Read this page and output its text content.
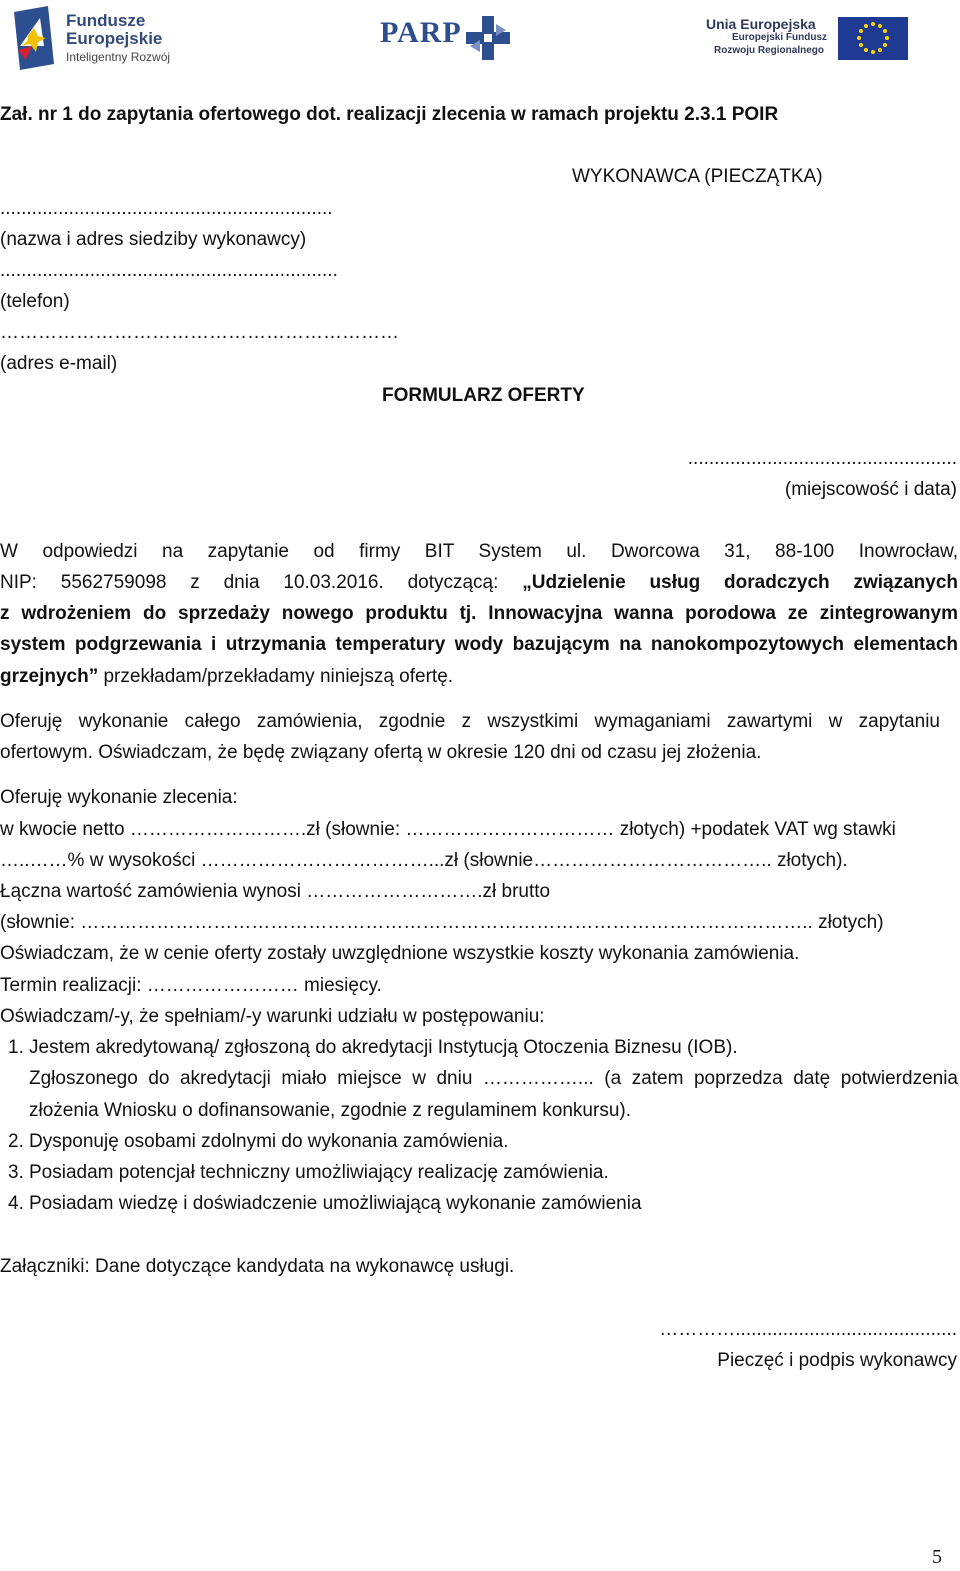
Fundusze
Europejskie
Inteligentny Rozwój
PARP	Unia Europejska
Europejski Fundusz
Rozwoju Regionalnego
Zał. nr 1 do zapytania ofertowego dot. realizacji zlecenia w ramach projektu 2.3.1 POIR
WYKONAWCA (PIECZĄTKA)
...............................................................
(nazwa i adres siedziby wykonawcy)
................................................................
(telefon)
………………………………………………………
(adres e-mail)
FORMULARZ OFERTY
...................................................
(miejscowość i data)
W odpowiedzi na zapytanie od firmy BIT System ul. Dworcowa 31, 88-100 Inowrocław,
NIP: 5562759098 z dnia 10.03.2016. dotyczącą: „Udzielenie usług doradczych związanych
z wdrożeniem do sprzedaży nowego produktu tj. Innowacyjna wanna porodowa ze zintegrowanym
system podgrzewania i utrzymania temperatury wody bazującym na nanokompozytowych elementach
grzejnych” przekładam/przekładamy niniejszą ofertę.
Oferuję wykonanie całego zamówienia, zgodnie z wszystkimi wymaganiami zawartymi w zapytaniu
ofertowym. Oświadczam, że będę związany ofertą w okresie 120 dni od czasu jej złożenia.
Oferuję wykonanie zlecenia:
w kwocie netto ……………………….zł (słownie: …………………………… złotych) +podatek VAT wg stawki
…..……% w wysokości ………………………………...zł (słownie……………………………….. złotych).
Łączna wartość zamówienia wynosi ……………………….zł brutto
(słownie: …………………………………………………………………………………………………….. złotych)
Oświadczam, że w cenie oferty zostały uwzględnione wszystkie koszty wykonania zamówienia.
Termin realizacji: …………………… miesięcy.
Oświadczam/-y, że spełniam/-y warunki udziału w postępowaniu:
1. Jestem akredytowaną/ zgłoszoną do akredytacji Instytucją Otoczenia Biznesu (IOB).
Zgłoszonego do akredytacji miało miejsce w dniu ……………... (a zatem poprzedza datę potwierdzenia
złożenia Wniosku o dofinansowanie, zgodnie z regulaminem konkursu).
2. Dysponuję osobami zdolnymi do wykonania zamówienia.
3. Posiadam potencjał techniczny umożliwiający realizację zamówienia.
4. Posiadam wiedzę i doświadczenie umożliwiającą wykonanie zamówienia
Załączniki: Dane dotyczące kandydata na wykonawcę usługi.
…………..........................................
Pieczęć i podpis wykonawcy
5
